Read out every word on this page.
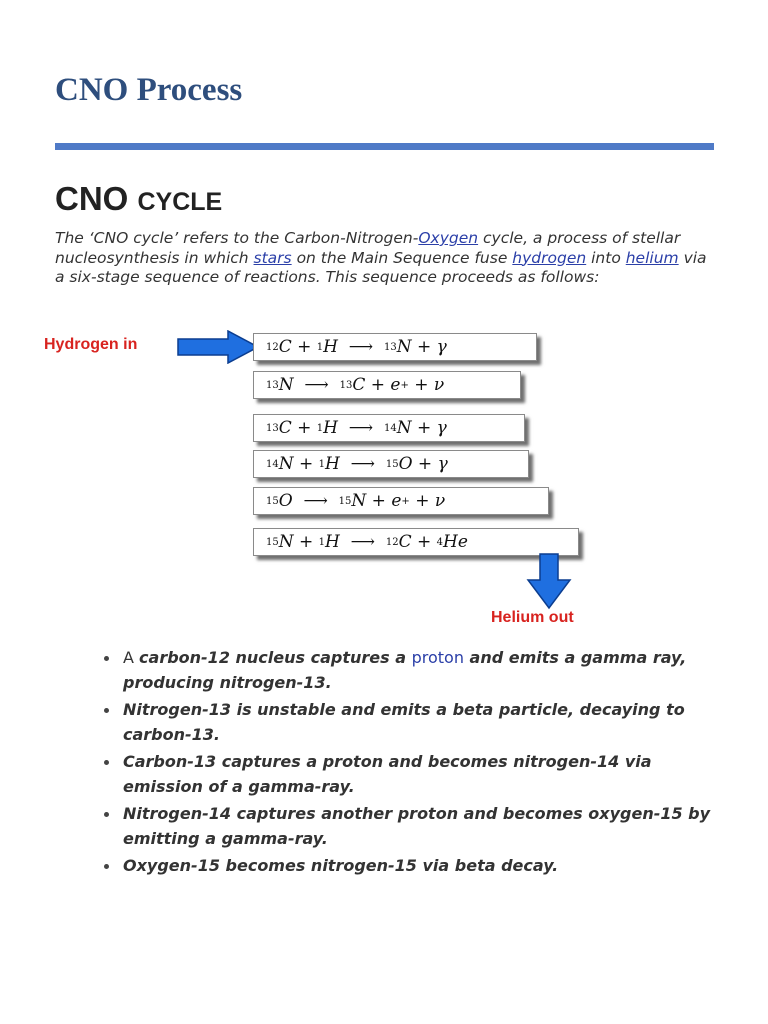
CNO Process
CNO CYCLE

The ‘CNO cycle’ refers to the Carbon-Nitrogen-Oxygen cycle, a process of stellar nucleosynthesis in which stars on the Main Sequence fuse hydrogen into helium via a six-stage sequence of reactions. This sequence proceeds as follows:

Hydrogen in	12 C + 1 H  ⟶ 13 N + γ
13 N  ⟶ 13 C + e + + ν
13 C + 1 H  ⟶ 14 N + γ
14 N + 1 H  ⟶ 15 O + γ
15 O  ⟶ 15 N + e + + ν
15 N + 1 H  ⟶ 12 C + 4 He
Helium out
A carbon-12 nucleus captures a proton and emits a gamma ray, producing nitrogen-13.
Nitrogen-13 is unstable and emits a beta particle, decaying to carbon-13.
Carbon-13 captures a proton and becomes nitrogen-14 via emission of a gamma-ray.
Nitrogen-14 captures another proton and becomes oxygen-15 by emitting a gamma-ray.
Oxygen-15 becomes nitrogen-15 via beta decay.
